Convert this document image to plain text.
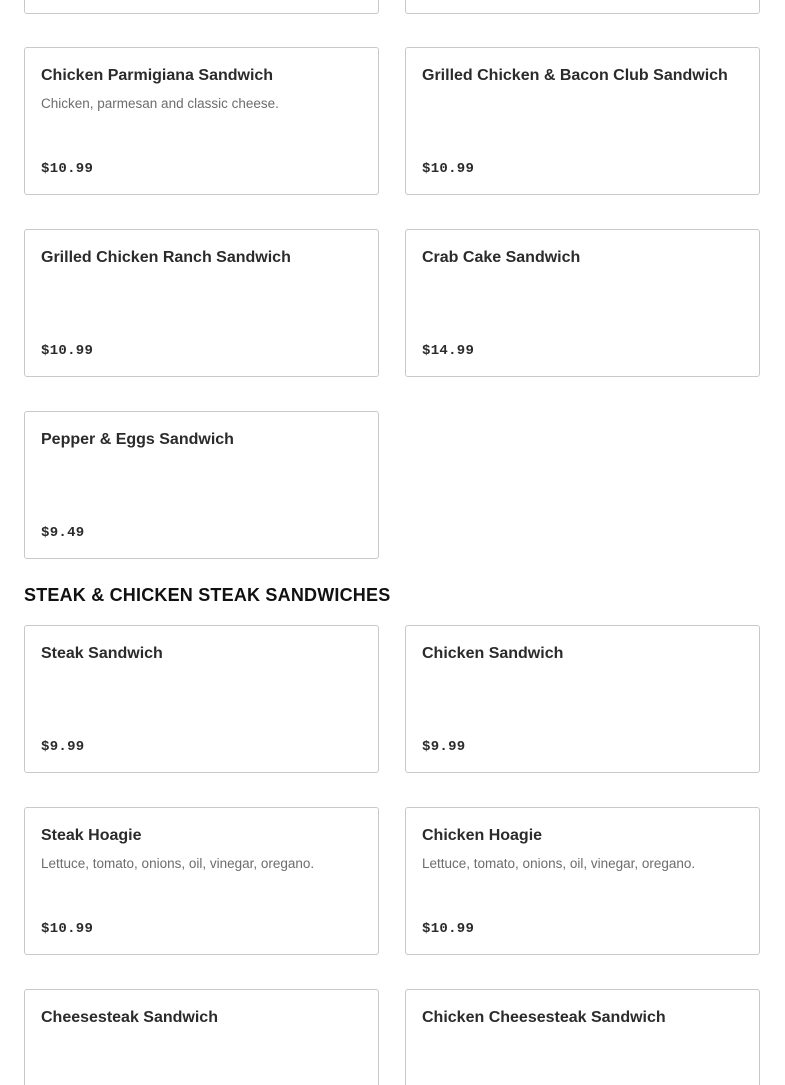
Chicken Parmigiana Sandwich
Chicken, parmesan and classic cheese.
$10.99
Grilled Chicken & Bacon Club Sandwich
$10.99
Grilled Chicken Ranch Sandwich
$10.99
Crab Cake Sandwich
$14.99
Pepper & Eggs Sandwich
$9.49
STEAK & CHICKEN STEAK SANDWICHES
Steak Sandwich
$9.99
Chicken Sandwich
$9.99
Steak Hoagie
Lettuce, tomato, onions, oil, vinegar, oregano.
$10.99
Chicken Hoagie
Lettuce, tomato, onions, oil, vinegar, oregano.
$10.99
Cheesesteak Sandwich	Chicken Cheesesteak Sandwich
